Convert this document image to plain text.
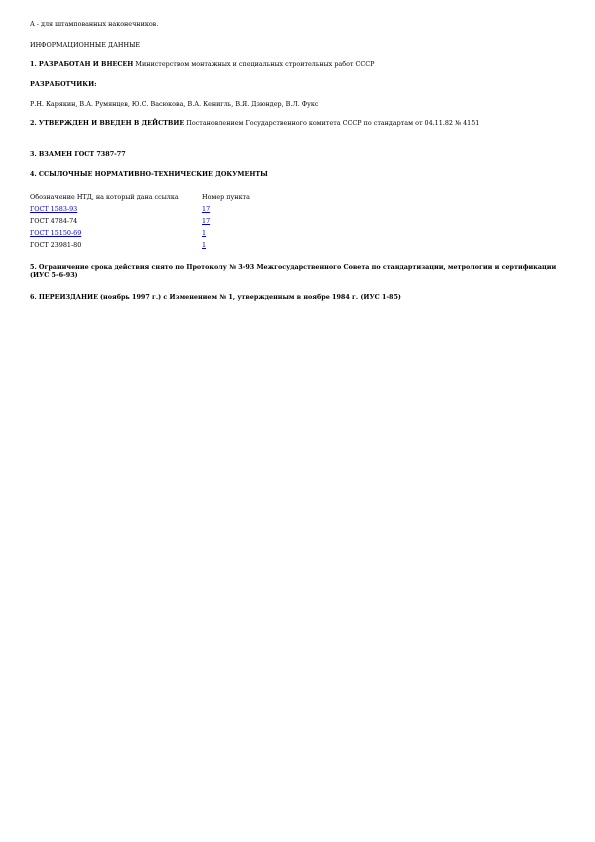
А - для штампованных наконечников.
ИНФОРМАЦИОННЫЕ ДАННЫЕ
1. РАЗРАБОТАН И ВНЕСЕН Министерством монтажных и специальных строительных работ СССР
РАЗРАБОТЧИКИ:
Р.Н. Карякин, В.А. Румянцев, Ю.С. Васюкова, В.А. Кенигль, В.Я. Дзюндер, В.Л. Фукс
2. УТВЕРЖДЕН И ВВЕДЕН В ДЕЙСТВИЕ Постановлением Государственного комитета СССР по стандартам от 04.11.82 № 4151
3. ВЗАМЕН ГОСТ 7387-77
4. ССЫЛОЧНЫЕ НОРМАТИВНО-ТЕХНИЧЕСКИЕ ДОКУМЕНТЫ
Обозначение НТД, на который дана ссылка	Номер пункта
ГОСТ 1583-93	17
ГОСТ 4784-74	17
ГОСТ 15150-69	1
ГОСТ 23981-80	1
5. Ограничение срока действия снято по Протоколу № 3-93 Межгосударственного Совета по стандартизации, метрологии и сертификации (ИУС 5-6-93)
6. ПЕРЕИЗДАНИЕ (ноябрь 1997 г.) с Изменением № 1, утвержденным в ноябре 1984 г. (ИУС 1-85)
